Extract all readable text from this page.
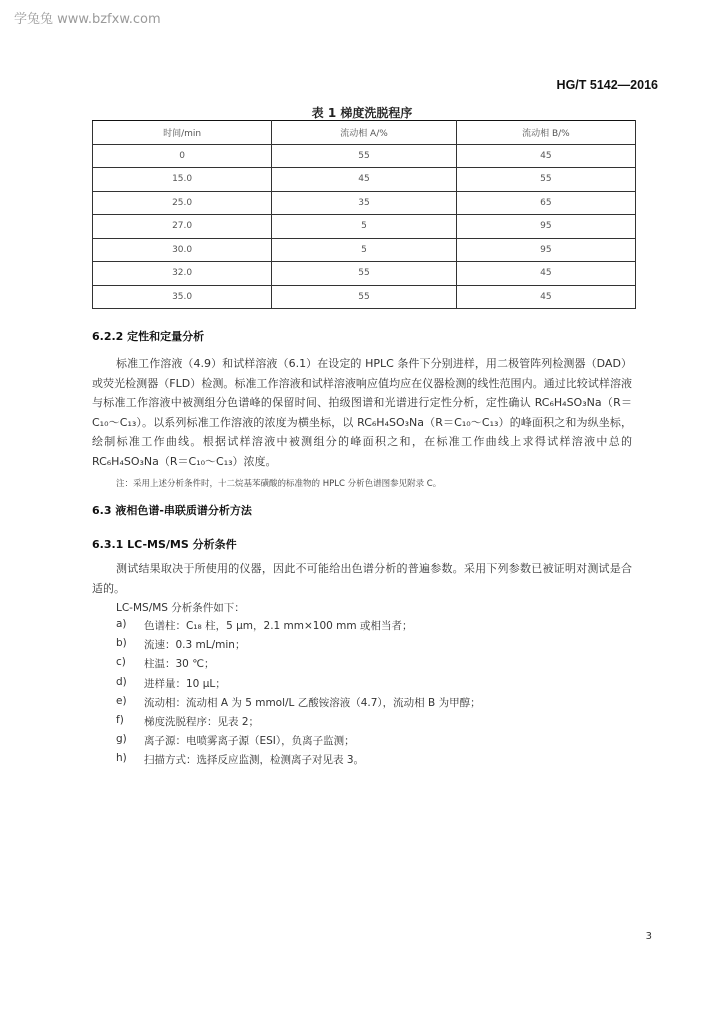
学兔兔 www.bzfxw.com
HG/T 5142—2016
表 1 梯度洗脱程序
时间/min	流动相 A/%	流动相 B/%
0	55	45
15.0	45	55
25.0	35	65
27.0	5	95
30.0	5	95
32.0	55	45
35.0	55	45
6.2.2 定性和定量分析

标准工作溶液（4.9）和试样溶液（6.1）在设定的 HPLC 条件下分别进样，用二极管阵列检测器（DAD）或荧光检测器（FLD）检测。标准工作溶液和试样溶液响应值均应在仪器检测的线性范围内。通过比较试样溶液与标准工作溶液中被测组分色谱峰的保留时间、拍级图谱和光谱进行定性分析，定性确认 RC₆H₄SO₃Na（R＝C₁₀～C₁₃）。以系列标准工作溶液的浓度为横坐标，以 RC₆H₄SO₃Na（R＝C₁₀～C₁₃）的峰面积之和为纵坐标，绘制标准工作曲线。根据试样溶液中被测组分的峰面积之和，在标准工作曲线上求得试样溶液中总的 RC₆H₄SO₃Na（R＝C₁₀～C₁₃）浓度。

注：采用上述分析条件时，十二烷基苯磺酸的标准物的 HPLC 分析色谱图参见附录 C。
6.3 液相色谱-串联质谱分析方法
6.3.1 LC-MS/MS 分析条件

测试结果取决于所使用的仪器，因此不可能给出色谱分析的普遍参数。采用下列参数已被证明对测试是合适的。

LC-MS/MS 分析条件如下：
a)	色谱柱：C₁₈ 柱，5 μm，2.1 mm×100 mm 或相当者；
b)	流速：0.3 mL/min；
c)	柱温：30 ℃；
d)	进样量：10 μL；
e)	流动相：流动相 A 为 5 mmol/L 乙酸铵溶液（4.7），流动相 B 为甲醇；
f)	梯度洗脱程序：见表 2；
g)	离子源：电喷雾离子源（ESI），负离子监测；
h)	扫描方式：选择反应监测，检测离子对见表 3。
3
